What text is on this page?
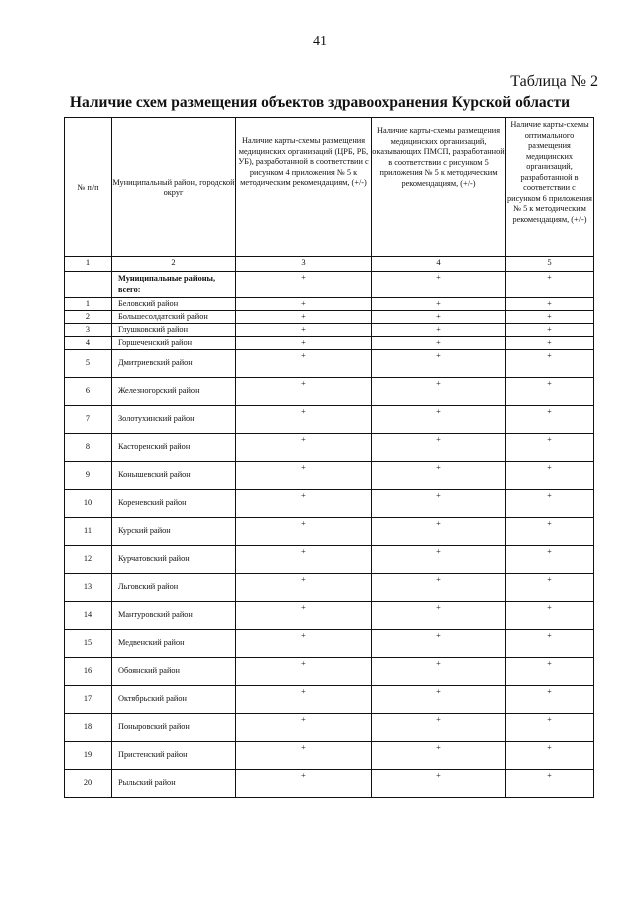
41
Таблица № 2
Наличие схем размещения объектов здравоохранения Курской области
№ п/п	Муниципальный район, городской округ	Наличие карты-схемы размещения медицинских организаций (ЦРБ, РБ, УБ), разработанной в соответствии с рисунком 4 приложения № 5 к методическим рекомендациям, (+/-)	Наличие карты-схемы размещения медицинских организаций, оказывающих ПМСП, разработанной в соответствии с рисунком 5 приложения № 5 к методическим рекомендациям, (+/-)	Наличие карты-схемы оптимального размещения медицинских организаций, разработанной в соответствии с рисунком 6 приложения № 5 к методическим рекомендациям, (+/-)
1	2	3	4	5
	Муниципальные районы, всего:	+	+	+
1	Беловский район	+	+	+
2	Большесолдатский район	+	+	+
3	Глушковский район	+	+	+
4	Горшеченский район	+	+	+
5	Дмитриевский район	+	+	+
6	Железногорский район	+	+	+
7	Золотухинский район	+	+	+
8	Касторенский район	+	+	+
9	Конышевский район	+	+	+
10	Кореневский район	+	+	+
11	Курский район	+	+	+
12	Курчатовский район	+	+	+
13	Льговский район	+	+	+
14	Мантуровский район	+	+	+
15	Медвенский район	+	+	+
16	Обоянский район	+	+	+
17	Октябрьский район	+	+	+
18	Поныровский район	+	+	+
19	Пристенский район	+	+	+
20	Рыльский район	+	+	+
